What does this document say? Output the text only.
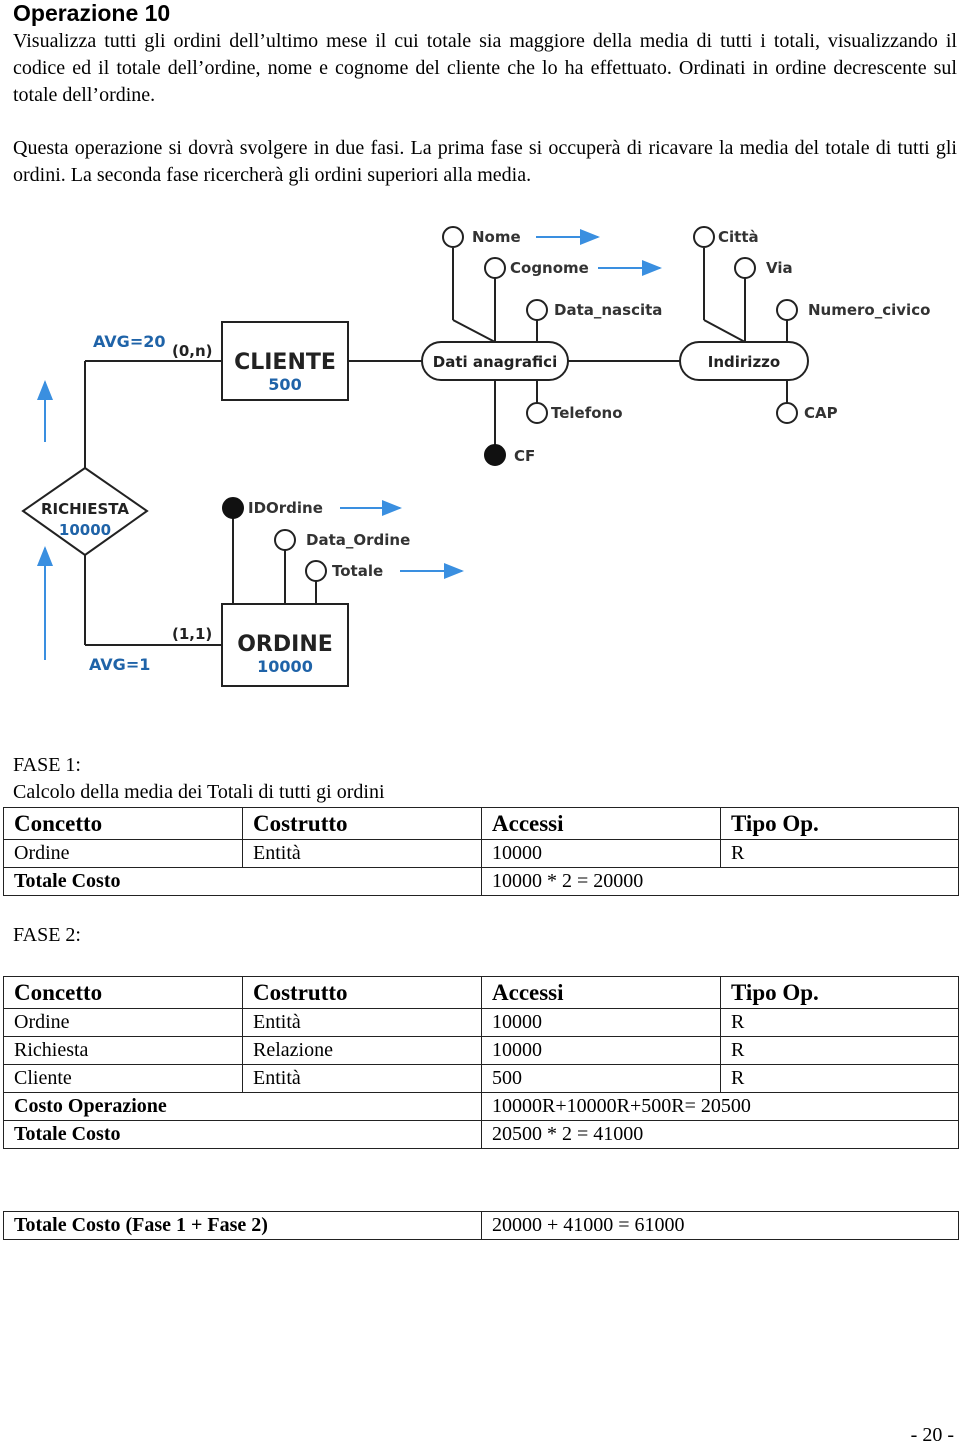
Operazione 10
Visualizza tutti gli ordini dell’ultimo mese il cui totale sia maggiore della media di tutti i totali, visualizzando il codice ed il totale dell’ordine, nome e cognome del cliente che lo ha effettuato. Ordinati in ordine decrescente sul totale dell’ordine.
Questa operazione si dovrà svolgere in due fasi. La prima fase si occuperà di ricavare la media del totale di tutti gli ordini. La seconda fase ricercherà gli ordini superiori alla media.
CLIENTE
500
ORDINE
10000
RICHIESTA
10000
Dati anagrafici	Indirizzo
Nome
Cognome
Data_nascita
Telefono
Città
Via
Numero_civico
CAP
CF
IDOrdine
Data_Ordine
Totale
(0,n)
(1,1)
AVG=20
AVG=1
FASE 1:
Calcolo della media dei Totali di tutti gi ordini
Concetto	Costrutto	Accessi	Tipo Op.
Ordine	Entità	10000	R
Totale Costo		10000 * 2 = 20000	
FASE 2:
Concetto	Costrutto	Accessi	Tipo Op.
Ordine	Entità	10000	R
Richiesta	Relazione	10000	R
Cliente	Entità	500	R
Costo Operazione		10000R+10000R+500R= 20500	
Totale Costo		20500 * 2 = 41000	
Totale Costo (Fase 1 + Fase 2)	20000 + 41000 = 61000
- 20 -
